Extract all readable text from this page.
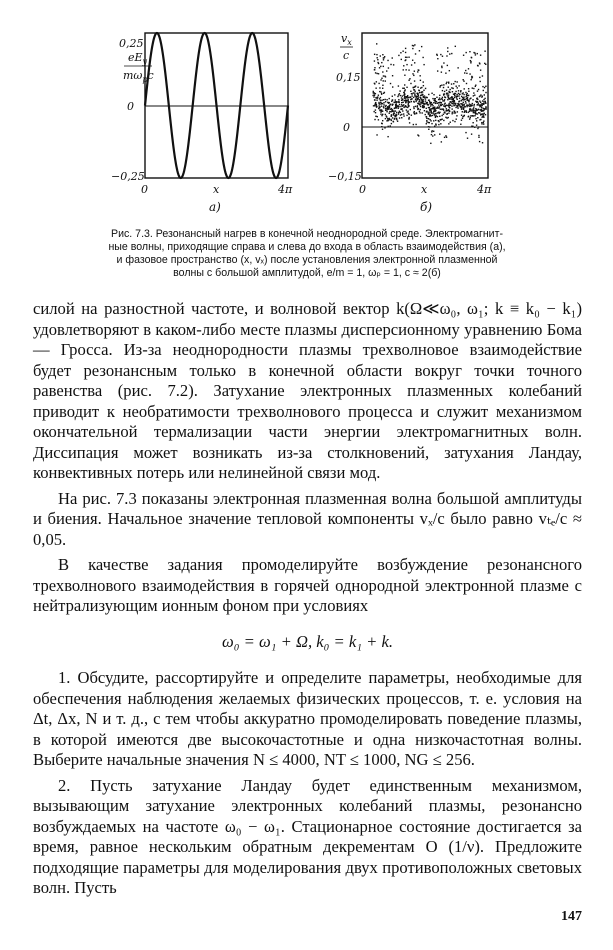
$eE_y$
$m\omega_pc$
0,25
0
−0,25
0	x	4π
a)
$v_x$
c
0,15
0
−0,15
0	x	4π
б)

Рис. 7.3. Резонансный нагрев в конечной неоднородной среде. Электромагнит-

ные волны, приходящие справа и слева до входа в область взаимодействия (а),

и фазовое пространство (x, vₓ) после установления электронной плазменной

волны с большой амплитудой, e/m = 1, ωₚ = 1, c ≈ 2(б)

силой на разностной частоте, и волновой вектор k(Ω≪ω₀, ω₁; k ≡ k₀ − k₁) удовлетворяют в каком-либо месте плазмы дисперсионному уравнению Бома — Гросса. Из-за неоднородности плазмы трехволновое взаимодействие будет резонансным только в конечной области вокруг точки точного равенства (рис. 7.2). Затухание электронных плазменных колебаний приводит к необратимости трехволнового процесса и служит механизмом окончательной термализации части энергии электромагнитных волн. Диссипация может возникать из-за столкновений, затухания Ландау, конвективных потерь или нелинейной связи мод.

На рис. 7.3 показаны электронная плазменная волна большой амплитуды и биения. Начальное значение тепловой компоненты vₓ/c было равно vₜₑ/c ≈ 0,05.

В качестве задания промоделируйте возбуждение резонансного трехволнового взаимодействия в горячей однородной электронной плазме с нейтрализующим ионным фоном при условиях

ω₀ = ω₁ + Ω, k₀ = k₁ + k.

1. Обсудите, рассортируйте и определите параметры, необходимые для обеспечения наблюдения желаемых физических процессов, т. е. условия на Δt, Δx, N и т. д., с тем чтобы аккуратно промоделировать поведение плазмы, в которой имеются две высокочастотные и одна низкочастотная волны. Выберите начальные значения N ≤ 4000, NT ≤ 1000, NG ≤ 256.

2. Пусть затухание Ландау будет единственным механизмом, вызывающим затухание электронных колебаний плазмы, резонансно возбуждаемых на частоте ω₀ − ω₁. Стационарное состояние достигается за время, равное нескольким обратным декрементам O (1/ν). Предложите подходящие параметры для моделирования двух противоположных световых волн. Пусть

147
